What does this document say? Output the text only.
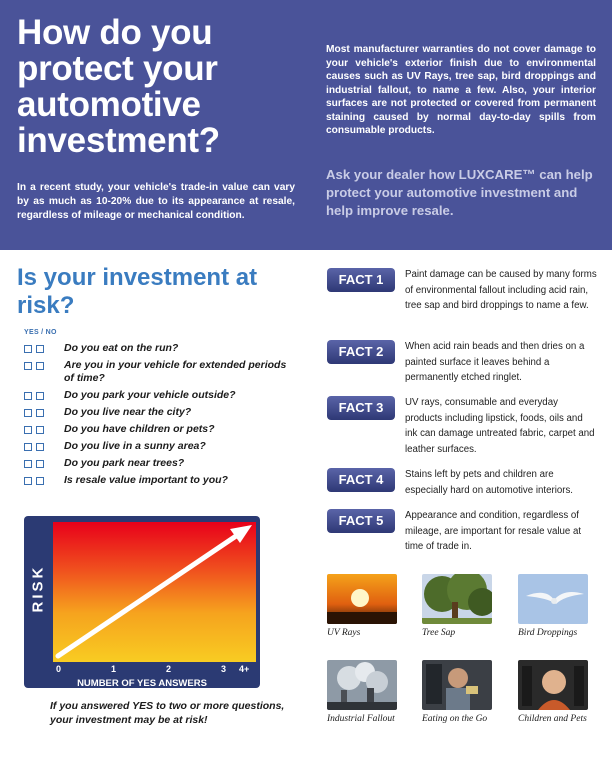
How do you protect your automotive investment?

In a recent study, your vehicle's trade-in value can vary by as much as 10-20% due to its appearance at resale, regardless of mileage or mechanical condition.

Most manufacturer warranties do not cover damage to your vehicle's exterior finish due to environmental causes such as UV Rays, tree sap, bird droppings and industrial fallout, to name a few. Also, your interior surfaces are not protected or covered from permanent staining caused by normal day-to-day spills from consumable products.

Ask your dealer how LUXCARE™ can help protect your automotive investment and help improve resale.

Is your investment at risk?
YES / NO
Do you eat on the run?
Are you in your vehicle for extended periods of time?
Do you park your vehicle outside?
Do you live near the city?
Do you have children or pets?
Do you live in a sunny area?
Do you park near trees?
Is resale value important to you?
RISK
0	1	2	3 4+
NUMBER OF YES ANSWERS

If you answered YES to two or more questions, your investment may be at risk!

FACT 1	Paint damage can be caused by many forms of environmental fallout including acid rain, tree sap and bird droppings to name a few.

FACT 2	When acid rain beads and then dries on a painted surface it leaves behind a permanently etched ringlet.

FACT 3	UV rays, consumable and everyday products including lipstick, foods, oils and ink can damage untreated fabric, carpet and leather surfaces.

FACT 4	Stains left by pets and children are especially hard on automotive interiors.

FACT 5	Appearance and condition, regardless of mileage, are important for resale value at time of trade in.

UV Rays	Tree Sap	Bird Droppings
Industrial Fallout	Eating on the Go	Children and Pets
